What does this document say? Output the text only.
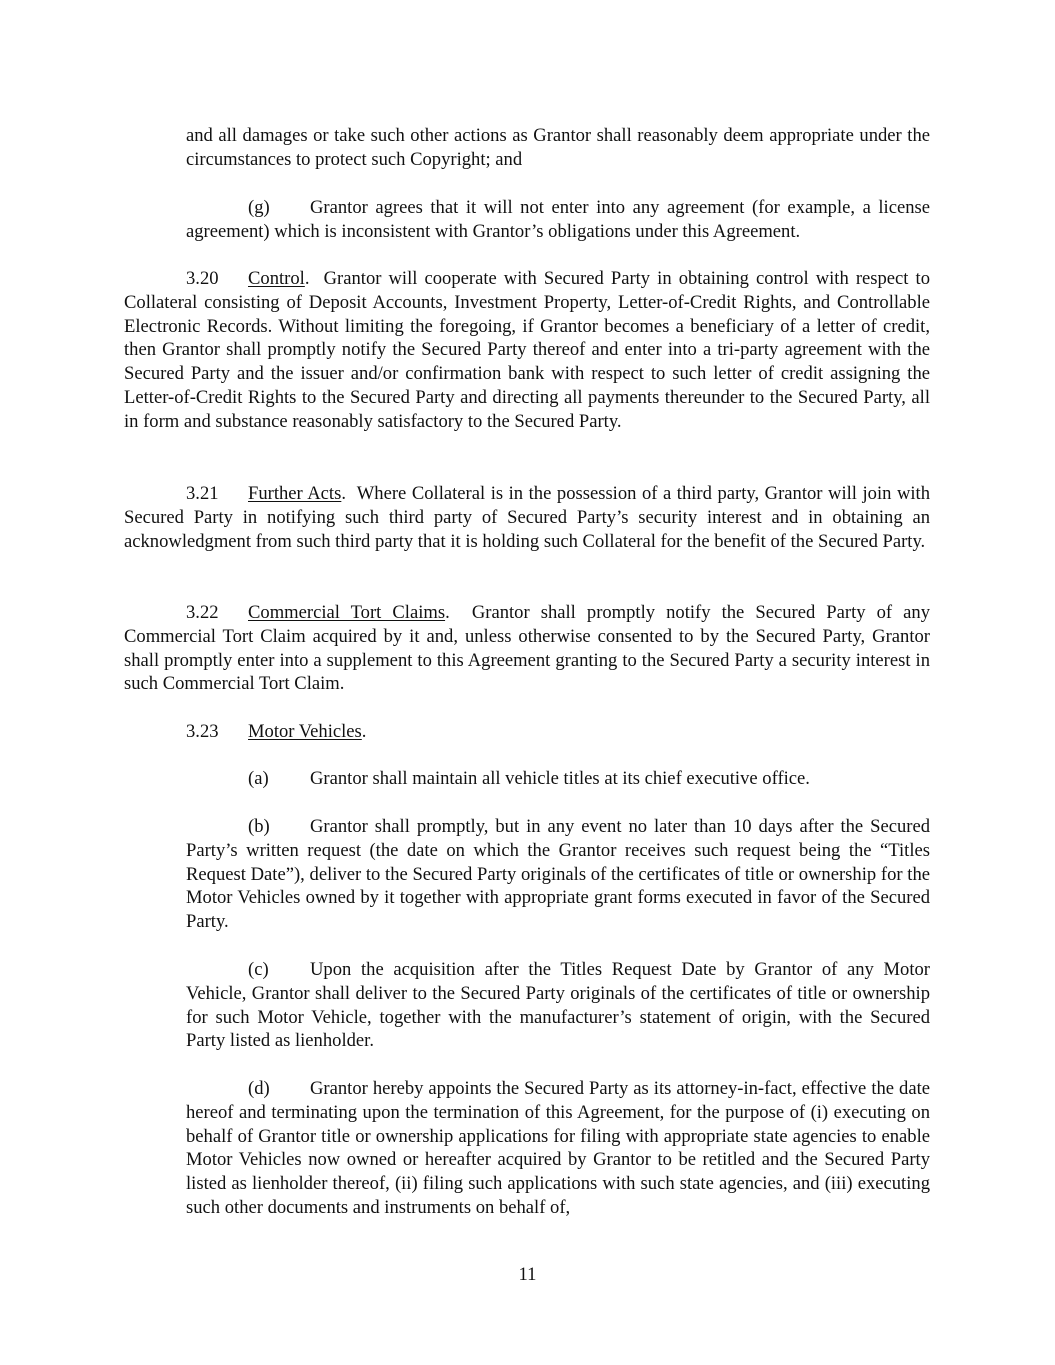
and all damages or take such other actions as Grantor shall reasonably deem appropriate under the circumstances to protect such Copyright; and

(g) Grantor agrees that it will not enter into any agreement (for example, a license agreement) which is inconsistent with Grantor’s obligations under this Agreement.

3.20 Control.  Grantor will cooperate with Secured Party in obtaining control with respect to Collateral consisting of Deposit Accounts, Investment Property, Letter-of-Credit Rights, and Controllable Electronic Records. Without limiting the foregoing, if Grantor becomes a beneficiary of a letter of credit, then Grantor shall promptly notify the Secured Party thereof and enter into a tri-party agreement with the Secured Party and the issuer and/or confirmation bank with respect to such letter of credit assigning the Letter-of-Credit Rights to the Secured Party and directing all payments thereunder to the Secured Party, all in form and substance reasonably satisfactory to the Secured Party.

3.21 Further Acts.  Where Collateral is in the possession of a third party, Grantor will join with Secured Party in notifying such third party of Secured Party’s security interest and in obtaining an acknowledgment from such third party that it is holding such Collateral for the benefit of the Secured Party.

3.22 Commercial Tort Claims.  Grantor shall promptly notify the Secured Party of any Commercial Tort Claim acquired by it and, unless otherwise consented to by the Secured Party, Grantor shall promptly enter into a supplement to this Agreement granting to the Secured Party a security interest in such Commercial Tort Claim.

3.23 Motor Vehicles.

(a) Grantor shall maintain all vehicle titles at its chief executive office.

(b) Grantor shall promptly, but in any event no later than 10 days after the Secured Party’s written request (the date on which the Grantor receives such request being the “Titles Request Date”), deliver to the Secured Party originals of the certificates of title or ownership for the Motor Vehicles owned by it together with appropriate grant forms executed in favor of the Secured Party.

(c) Upon the acquisition after the Titles Request Date by Grantor of any Motor Vehicle, Grantor shall deliver to the Secured Party originals of the certificates of title or ownership for such Motor Vehicle, together with the manufacturer’s statement of origin, with the Secured Party listed as lienholder.

(d) Grantor hereby appoints the Secured Party as its attorney-in-fact, effective the date hereof and terminating upon the termination of this Agreement, for the purpose of (i) executing on behalf of Grantor title or ownership applications for filing with appropriate state agencies to enable Motor Vehicles now owned or hereafter acquired by Grantor to be retitled and the Secured Party listed as lienholder thereof, (ii) filing such applications with such state agencies, and (iii) executing such other documents and instruments on behalf of,

11
